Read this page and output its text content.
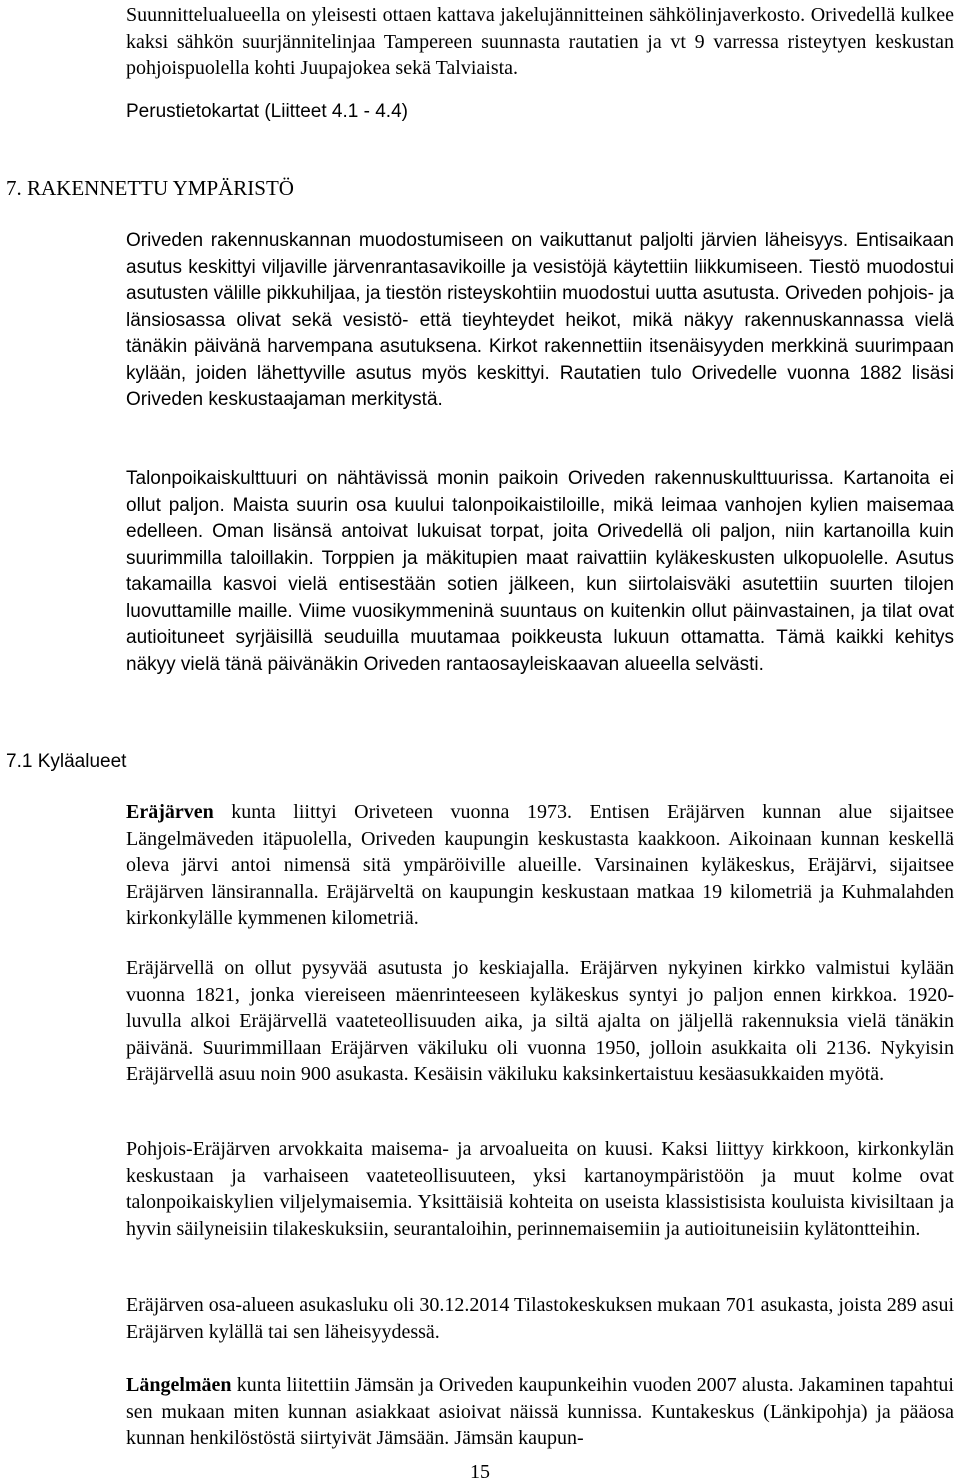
Suunnittelualueella on yleisesti ottaen kattava jakelujännitteinen sähkölinjaverkosto. Orivedellä kulkee kaksi sähkön suurjännitelinjaa Tampereen suunnasta rautatien ja vt 9 varressa risteytyen keskustan pohjoispuolella kohti Juupajokea sekä Talviaista.

Perustietokartat (Liitteet 4.1 - 4.4)

7. RAKENNETTU YMPÄRISTÖ

Oriveden rakennuskannan muodostumiseen on vaikuttanut paljolti järvien läheisyys. Entisaikaan asutus keskittyi viljaville järvenrantasavikoille ja vesistöjä käytettiin liikkumiseen. Tiestö muodostui asutusten välille pikkuhiljaa, ja tiestön risteyskohtiin muodostui uutta asutusta. Oriveden pohjois- ja länsiosassa olivat sekä vesistö- että tieyhteydet heikot, mikä näkyy rakennuskannassa vielä tänäkin päivänä harvempana asutuksena. Kirkot rakennettiin itsenäisyyden merkkinä suurimpaan kylään, joiden lähettyville asutus myös keskittyi. Rautatien tulo Orivedelle vuonna 1882 lisäsi Oriveden keskustaajaman merkitystä.

Talonpoikaiskulttuuri on nähtävissä monin paikoin Oriveden rakennuskulttuurissa. Kartanoita ei ollut paljon. Maista suurin osa kuului talonpoikaistiloille, mikä leimaa vanhojen kylien maisemaa edelleen. Oman lisänsä antoivat lukuisat torpat, joita Orivedellä oli paljon, niin kartanoilla kuin suurimmilla taloillakin. Torppien ja mäkitupien maat raivattiin kyläkeskusten ulkopuolelle. Asutus takamailla kasvoi vielä entisestään sotien jälkeen, kun siirtolaisväki asutettiin suurten tilojen luovuttamille maille. Viime vuosikymmeninä suuntaus on kuitenkin ollut päinvastainen, ja tilat ovat autioituneet syrjäisillä seuduilla muutamaa poikkeusta lukuun ottamatta. Tämä kaikki kehitys näkyy vielä tänä päivänäkin Oriveden rantaosayleiskaavan alueella selvästi.

7.1 Kyläalueet

Eräjärven kunta liittyi Oriveteen vuonna 1973. Entisen Eräjärven kunnan alue sijaitsee Längelmäveden itäpuolella, Oriveden kaupungin keskustasta kaakkoon. Aikoinaan kunnan keskellä oleva järvi antoi nimensä sitä ympäröiville alueille. Varsinainen kyläkeskus, Eräjärvi, sijaitsee Eräjärven länsirannalla. Eräjärveltä on kaupungin keskustaan matkaa 19 kilometriä ja Kuhmalahden kirkonkylälle kymmenen kilometriä.

Eräjärvellä on ollut pysyvää asutusta jo keskiajalla. Eräjärven nykyinen kirkko valmistui kylään vuonna 1821, jonka viereiseen mäenrinteeseen kyläkeskus syntyi jo paljon ennen kirkkoa. 1920-luvulla alkoi Eräjärvellä vaateteollisuuden aika, ja siltä ajalta on jäljellä rakennuksia vielä tänäkin päivänä. Suurimmillaan Eräjärven väkiluku oli vuonna 1950, jolloin asukkaita oli 2136. Nykyisin Eräjärvellä asuu noin 900 asukasta. Kesäisin väkiluku kaksinkertaistuu kesäasukkaiden myötä.

Pohjois-Eräjärven arvokkaita maisema- ja arvoalueita on kuusi. Kaksi liittyy kirkkoon, kirkonkylän keskustaan ja varhaiseen vaateteollisuuteen, yksi kartanoympäristöön ja muut kolme ovat talonpoikaiskylien viljelymaisemia. Yksittäisiä kohteita on useista klassistisista kouluista kivisiltaan ja hyvin säilyneisiin tilakeskuksiin, seurantaloihin, perinnemaisemiin ja autioituneisiin kylätontteihin.

Eräjärven osa-alueen asukasluku oli 30.12.2014 Tilastokeskuksen mukaan 701 asukasta, joista 289 asui Eräjärven kylällä tai sen läheisyydessä.

Längelmäen kunta liitettiin Jämsän ja Oriveden kaupunkeihin vuoden 2007 alusta. Jakaminen tapahtui sen mukaan miten kunnan asiakkaat asioivat näissä kunnissa. Kuntakeskus (Länkipohja) ja pääosa kunnan henkilöstöstä siirtyivät Jämsään. Jämsän kaupun-

15
